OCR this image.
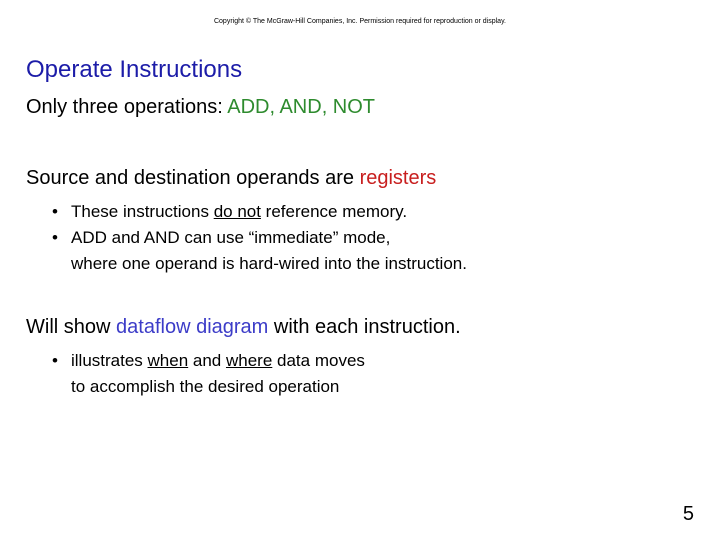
Copyright © The McGraw-Hill Companies, Inc. Permission required for reproduction or display.
Operate Instructions
Only three operations: ADD, AND, NOT
Source and destination operands are registers
• These instructions do not reference memory.
• ADD and AND can use “immediate” mode,
where one operand is hard-wired into the instruction.
Will show dataflow diagram with each instruction.
• illustrates when and where data moves
to accomplish the desired operation
5
